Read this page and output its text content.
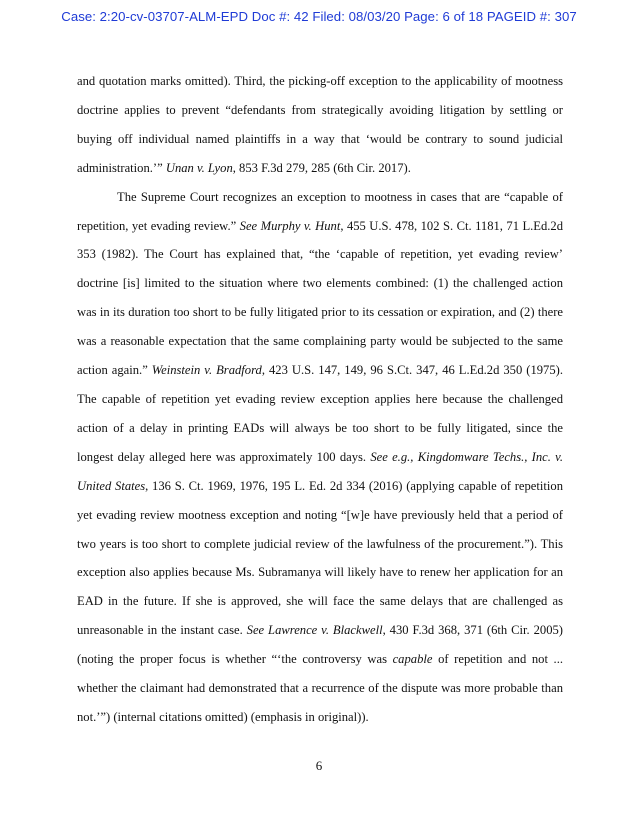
Case: 2:20-cv-03707-ALM-EPD Doc #: 42 Filed: 08/03/20 Page: 6 of 18 PAGEID #: 307

and quotation marks omitted). Third, the picking-off exception to the applicability of mootness doctrine applies to prevent “defendants from strategically avoiding litigation by settling or buying off individual named plaintiffs in a way that ‘would be contrary to sound judicial administration.’” Unan v. Lyon, 853 F.3d 279, 285 (6th Cir. 2017).

The Supreme Court recognizes an exception to mootness in cases that are “capable of repetition, yet evading review.” See Murphy v. Hunt, 455 U.S. 478, 102 S. Ct. 1181, 71 L.Ed.2d 353 (1982). The Court has explained that, “the ‘capable of repetition, yet evading review’ doctrine [is] limited to the situation where two elements combined: (1) the challenged action was in its duration too short to be fully litigated prior to its cessation or expiration, and (2) there was a reasonable expectation that the same complaining party would be subjected to the same action again.” Weinstein v. Bradford, 423 U.S. 147, 149, 96 S.Ct. 347, 46 L.Ed.2d 350 (1975). The capable of repetition yet evading review exception applies here because the challenged action of a delay in printing EADs will always be too short to be fully litigated, since the longest delay alleged here was approximately 100 days. See e.g., Kingdomware Techs., Inc. v. United States, 136 S. Ct. 1969, 1976, 195 L. Ed. 2d 334 (2016) (applying capable of repetition yet evading review mootness exception and noting “[w]e have previously held that a period of two years is too short to complete judicial review of the lawfulness of the procurement.”). This exception also applies because Ms. Subramanya will likely have to renew her application for an EAD in the future. If she is approved, she will face the same delays that are challenged as unreasonable in the instant case. See Lawrence v. Blackwell, 430 F.3d 368, 371 (6th Cir. 2005) (noting the proper focus is whether “‘the controversy was capable of repetition and not ... whether the claimant had demonstrated that a recurrence of the dispute was more probable than not.’”) (internal citations omitted) (emphasis in original)).

6
